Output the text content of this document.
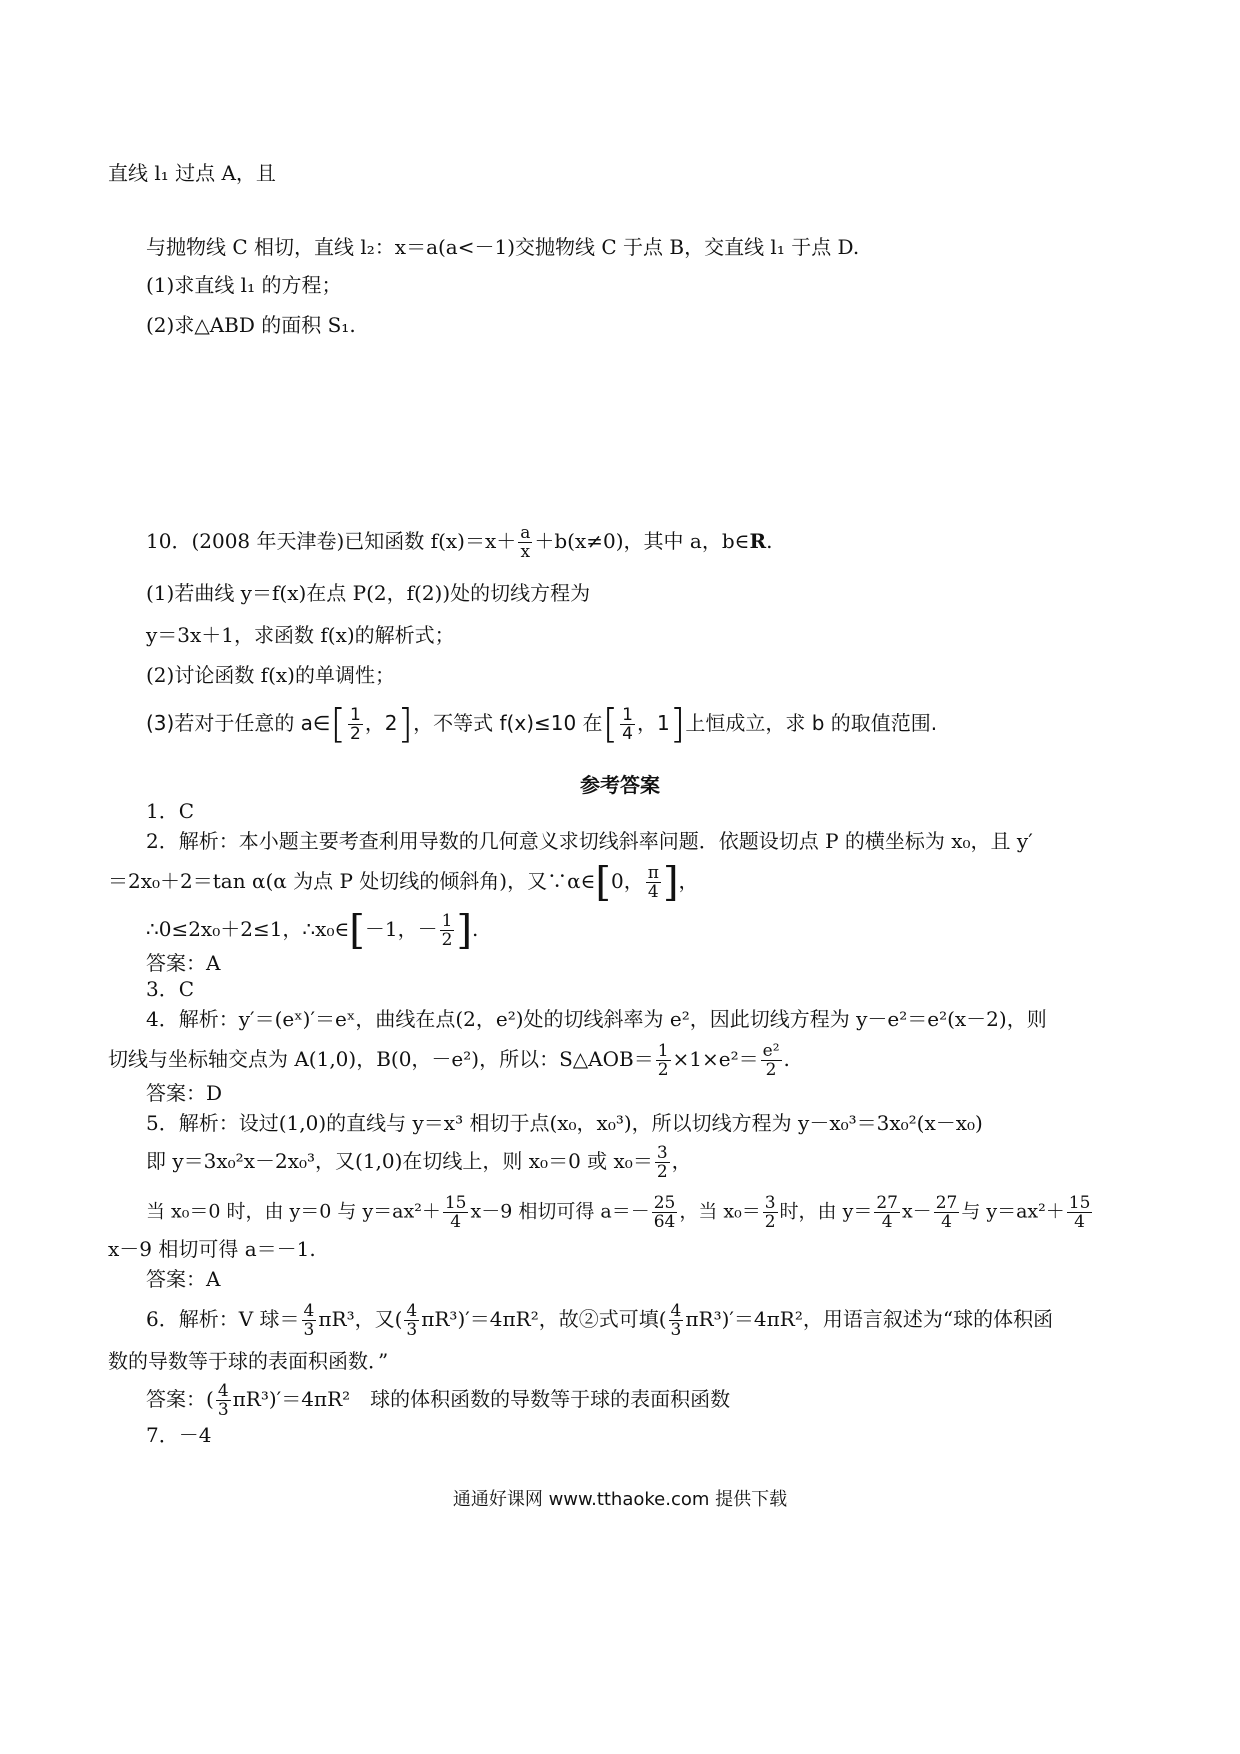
直线 l₁ 过点 A，且
与抛物线 C 相切，直线 l₂：x＝a(a<－1)交抛物线 C 于点 B，交直线 l₁ 于点 D.
(1)求直线 l₁ 的方程；
(2)求△ABD 的面积 S₁.
10．(2008 年天津卷)已知函数 $f(x)=x+ \frac{a}{x} +b(x\ne 0)$，其中 a，b∈R.
(1)若曲线 y＝f(x)在点 P(2，f(2))处的切线方程为
y＝3x＋1，求函数 f(x)的解析式；
(2)讨论函数 f(x)的单调性；
(3)若对于任意的 a∈[ $\frac{1}{2}$ ，2]，不等式 f(x)≤10 在[ $\frac{1}{4}$ ，1]上恒成立，求 b 的取值范围.
参考答案
1．C
2．解析：本小题主要考查利用导数的几何意义求切线斜率问题．依题设切点 P 的横坐标为 x₀，且 y′
＝2x₀＋2＝tan α(α 为点 P 处切线的倾斜角)，又∵α∈[0， $\frac{\pi}{4}$ ]，
∴0≤2x₀＋2≤1，∴x₀∈[－1，－ $\frac{1}{2}$ ].
答案：A
3．C
4．解析：y′＝(eˣ)′＝eˣ，曲线在点(2，e²)处的切线斜率为 e²，因此切线方程为 y－e²＝e²(x－2)，则
切线与坐标轴交点为 A(1,0)，B(0，－e²)，所以：S△AOB＝ $\frac{1}{2} \times 1\times e^2= \frac{\text{e²}}{2}$ .
答案：D
5．解析：设过(1,0)的直线与 y＝x³ 相切于点(x₀，x₀³)，所以切线方程为 y－x₀³＝3x₀²(x－x₀)
即 y＝3x₀²x－2x₀³，又(1,0)在切线上，则 x₀＝0 或 $x_0= \frac{3}{2}$ ，
当 x₀＝0 时，由 y＝0 与 $y=ax^2+ \frac{15}{4} x-9$ 相切可得 $a=- \frac{25}{64}$ ，当 $x_0= \frac{3}{2}$ 时，由 $y= \frac{27}{4} x- \frac{27}{4}$ 与 $y=ax^2+ \frac{15}{4}$
x－9 相切可得 a＝－1.
答案：A
6．解析：V 球＝ $\frac{4}{3} \pi R^3$，又( $\frac{4}{3} \pi R^3)'=4\pi R^2$，故②式可填( $\frac{4}{3} \pi R^3)'=4\pi R^2$，用语言叙述为“球的体积函
数的导数等于球的表面积函数．”
答案：( $\frac{4}{3} \pi R^3)'=4\pi R^2$　球的体积函数的导数等于球的表面积函数
7．－4
通通好课网 www.tthaoke.com 提供下载
